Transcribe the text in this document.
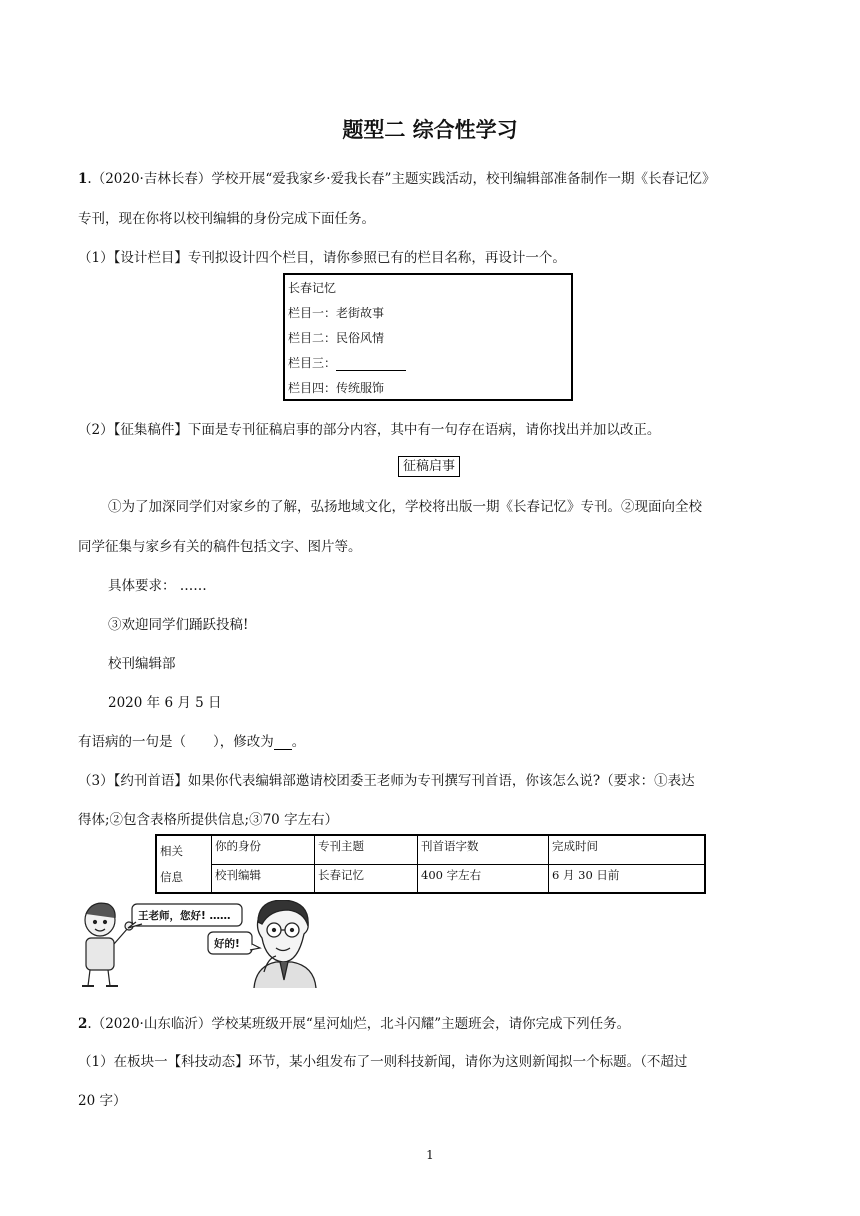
题型二 综合性学习
1.（2020·吉林长春）学校开展“爱我家乡·爱我长春”主题实践活动，校刊编辑部准备制作一期《长春记忆》
专刊，现在你将以校刊编辑的身份完成下面任务。
（1）【设计栏目】专刊拟设计四个栏目，请你参照已有的栏目名称，再设计一个。
长春记忆
栏目一：老街故事
栏目二：民俗风情
栏目三：
栏目四：传统服饰
（2）【征集稿件】下面是专刊征稿启事的部分内容，其中有一句存在语病，请你找出并加以改正。
征稿启事
①为了加深同学们对家乡的了解，弘扬地域文化，学校将出版一期《长春记忆》专刊。②现面向全校
同学征集与家乡有关的稿件包括文字、图片等。
具体要求： ……
③欢迎同学们踊跃投稿!
校刊编辑部
2020 年 6 月 5 日
有语病的一句是（　　），修改为 。
（3）【约刊首语】如果你代表编辑部邀请校团委王老师为专刊撰写刊首语，你该怎么说?（要求：①表达
得体;②包含表格所提供信息;③70 字左右）
相关
信息	你的身份	专刊主题	刊首语字数	完成时间
	校刊编辑	长春记忆	400 字左右	6 月 30 日前
王老师，您好! ……
好的!
2.（2020·山东临沂）学校某班级开展“星河灿烂，北斗闪耀”主题班会，请你完成下列任务。
（1）在板块一【科技动态】环节，某小组发布了一则科技新闻，请你为这则新闻拟一个标题。（不超过
20 字）
1
